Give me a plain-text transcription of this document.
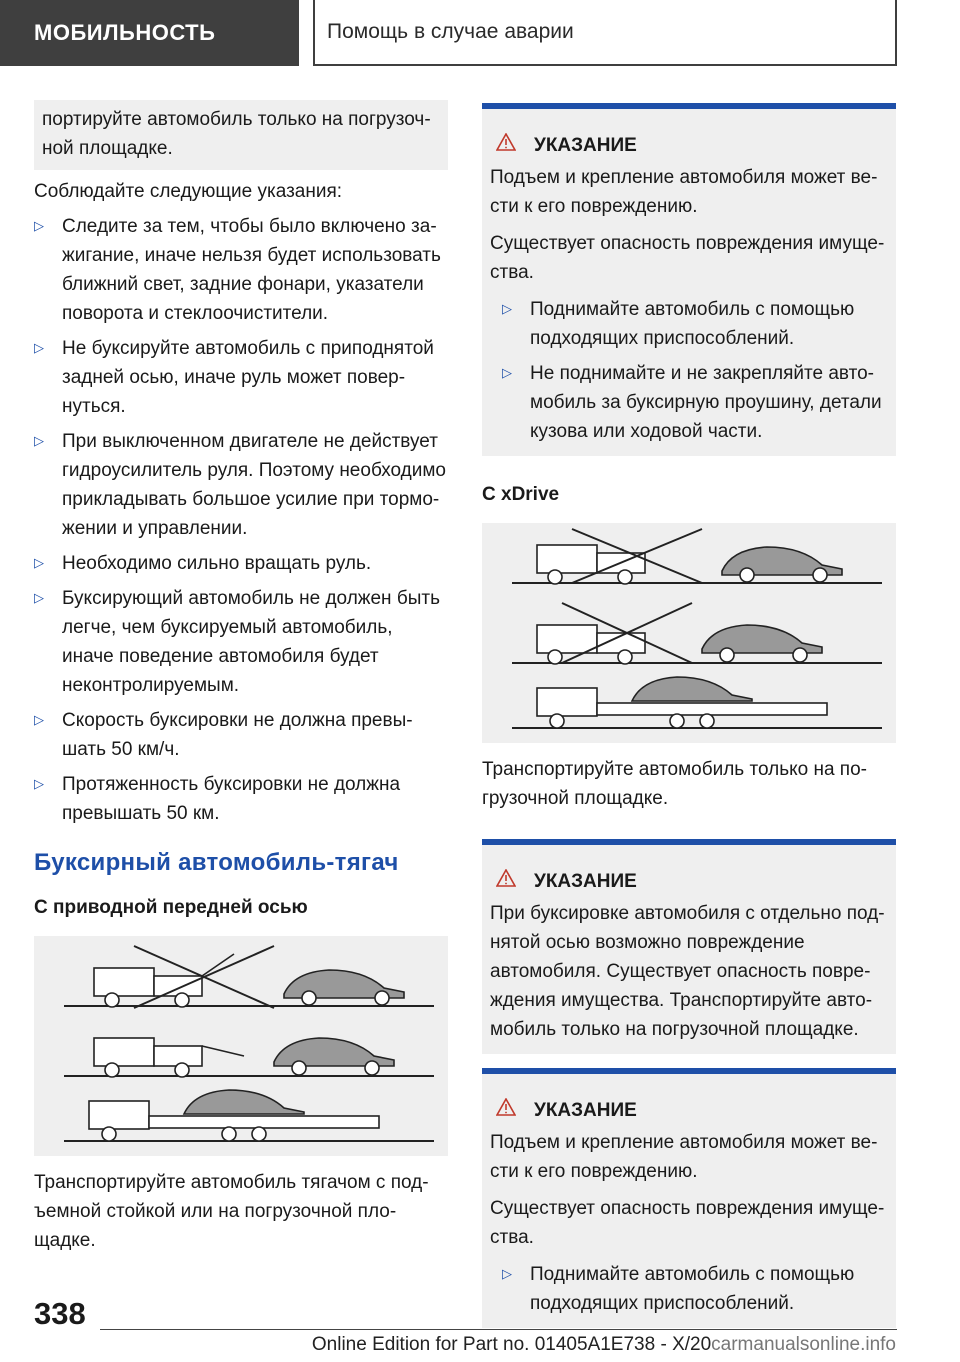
МОБИЛЬНОСТЬ	Помощь в случае аварии

портируйте автомобиль только на погрузочной площадке.

Соблюдайте следующие указания:

▷ Следите за тем, чтобы было включено зажигание, иначе нельзя будет использовать ближний свет, задние фонари, указатели поворота и стеклоочистители.
▷ Не буксируйте автомобиль с приподнятой задней осью, иначе руль может повернуться.
▷ При выключенном двигателе не действует гидроусилитель руля. Поэтому необходимо прикладывать большое усилие при торможении и управлении.
▷ Необходимо сильно вращать руль.
▷ Буксирующий автомобиль не должен быть легче, чем буксируемый автомобиль, иначе поведение автомобиля будет неконтролируемым.
▷ Скорость буксировки не должна превышать 50 км/ч.
▷ Протяженность буксировки не должна превышать 50 км.
Буксирный автомобиль-тягач
С приводной передней осью

Транспортируйте автомобиль тягачом с подъемной стойкой или на погрузочной площадке.

УКАЗАНИЕ

Подъем и крепление автомобиля может вести к его повреждению.

Существует опасность повреждения имущества.

▷ Поднимайте автомобиль с помощью подходящих приспособлений.
▷ Не поднимайте и не закрепляйте автомобиль за буксирную проушину, детали кузова или ходовой части.
С xDrive

Транспортируйте автомобиль только на погрузочной площадке.

УКАЗАНИЕ

При буксировке автомобиля с отдельно поднятой осью возможно повреждение автомобиля. Существует опасность повреждения имущества. Транспортируйте автомобиль только на погрузочной площадке.

УКАЗАНИЕ

Подъем и крепление автомобиля может вести к его повреждению.

Существует опасность повреждения имущества.

▷ Поднимайте автомобиль с помощью подходящих приспособлений.
338
Online Edition for Part no. 01405A1E738 - X/20carmanualsonline.info
